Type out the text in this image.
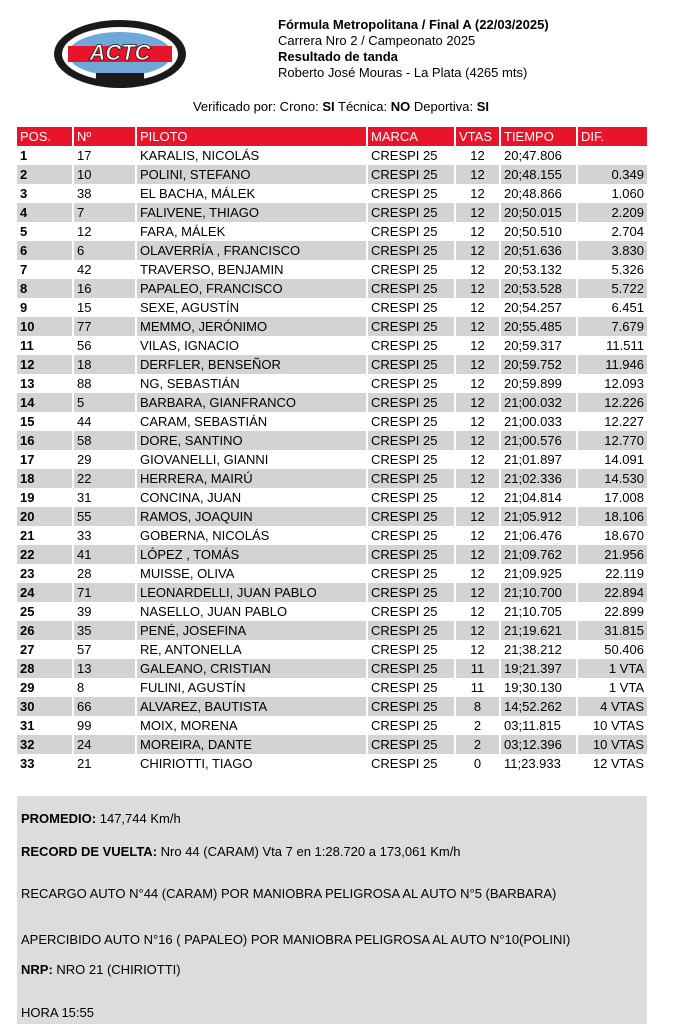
ACTC
Fórmula Metropolitana / Final A (22/03/2025)
Carrera Nro 2 / Campeonato 2025
Resultado de tanda
Roberto José Mouras - La Plata (4265 mts)
Verificado por: Crono: SI Técnica: NO Deportiva: SI
POS.	Nº	PILOTO	MARCA	VTAS	TIEMPO	DIF.
1	17	KARALIS, NICOLÁS	CRESPI 25	12	20;47.806	
2	10	POLINI, STEFANO	CRESPI 25	12	20;48.155	0.349
3	38	EL BACHA, MÁLEK	CRESPI 25	12	20;48.866	1.060
4	7	FALIVENE, THIAGO	CRESPI 25	12	20;50.015	2.209
5	12	FARA, MÁLEK	CRESPI 25	12	20;50.510	2.704
6	6	OLAVERRÍA , FRANCISCO	CRESPI 25	12	20;51.636	3.830
7	42	TRAVERSO, BENJAMIN	CRESPI 25	12	20;53.132	5.326
8	16	PAPALEO, FRANCISCO	CRESPI 25	12	20;53.528	5.722
9	15	SEXE, AGUSTÍN	CRESPI 25	12	20;54.257	6.451
10	77	MEMMO, JERÓNIMO	CRESPI 25	12	20;55.485	7.679
11	56	VILAS, IGNACIO	CRESPI 25	12	20;59.317	11.511
12	18	DERFLER, BENSEÑOR	CRESPI 25	12	20;59.752	11.946
13	88	NG, SEBASTIÁN	CRESPI 25	12	20;59.899	12.093
14	5	BARBARA, GIANFRANCO	CRESPI 25	12	21;00.032	12.226
15	44	CARAM, SEBASTIÁN	CRESPI 25	12	21;00.033	12.227
16	58	DORE, SANTINO	CRESPI 25	12	21;00.576	12.770
17	29	GIOVANELLI, GIANNI	CRESPI 25	12	21;01.897	14.091
18	22	HERRERA, MAIRÚ	CRESPI 25	12	21;02.336	14.530
19	31	CONCINA, JUAN	CRESPI 25	12	21;04.814	17.008
20	55	RAMOS, JOAQUIN	CRESPI 25	12	21;05.912	18.106
21	33	GOBERNA, NICOLÁS	CRESPI 25	12	21;06.476	18.670
22	41	LÓPEZ , TOMÁS	CRESPI 25	12	21;09.762	21.956
23	28	MUISSE, OLIVA	CRESPI 25	12	21;09.925	22.119
24	71	LEONARDELLI, JUAN PABLO	CRESPI 25	12	21;10.700	22.894
25	39	NASELLO, JUAN PABLO	CRESPI 25	12	21;10.705	22.899
26	35	PENÉ, JOSEFINA	CRESPI 25	12	21;19.621	31.815
27	57	RE, ANTONELLA	CRESPI 25	12	21;38.212	50.406
28	13	GALEANO, CRISTIAN	CRESPI 25	11	19;21.397	1 VTA
29	8	FULINI, AGUSTÍN	CRESPI 25	11	19;30.130	1 VTA
30	66	ALVAREZ, BAUTISTA	CRESPI 25	8	14;52.262	4 VTAS
31	99	MOIX, MORENA	CRESPI 25	2	03;11.815	10 VTAS
32	24	MOREIRA, DANTE	CRESPI 25	2	03;12.396	10 VTAS
33	21	CHIRIOTTI, TIAGO	CRESPI 25	0	11;23.933	12 VTAS
PROMEDIO: 147,744 Km/h
RECORD DE VUELTA: Nro 44 (CARAM) Vta 7 en 1:28.720 a 173,061 Km/h
RECARGO AUTO N°44 (CARAM) POR MANIOBRA PELIGROSA AL AUTO N°5 (BARBARA)
APERCIBIDO AUTO N°16 ( PAPALEO) POR MANIOBRA PELIGROSA AL AUTO N°10(POLINI)
NRP: NRO 21 (CHIRIOTTI)
HORA 15:55
